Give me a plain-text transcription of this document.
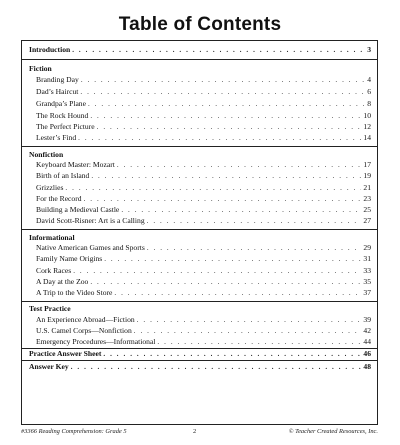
Table of Contents
Introduction . . .	3
Fiction
Branding Day . . .	4
Dad’s Haircut . . .	6
Grandpa’s Plane . . .	8
The Rock Hound . . .	10
The Perfect Picture . . .	12
Lester’s Find . . .	14
Nonfiction
Keyboard Master: Mozart . . .	17
Birth of an Island . . .	19
Grizzlies . . .	21
For the Record . . .	23
Building a Medieval Castle . . .	25
David Scott-Risner: Art is a Calling . . .	27
Informational
Native American Games and Sports . . .	29
Family Name Origins . . .	31
Cork Races . . .	33
A Day at the Zoo . . .	35
A Trip to the Video Store . . .	37
Test Practice
An Experience Abroad—Fiction . . .	39
U.S. Camel Corps—Nonfiction . . .	42
Emergency Procedures—Informational . . .	44
Practice Answer Sheet . . .	46
Answer Key . . .	48
#3366 Reading Comprehension: Grade 5	2	© Teacher Created Resources, Inc.
